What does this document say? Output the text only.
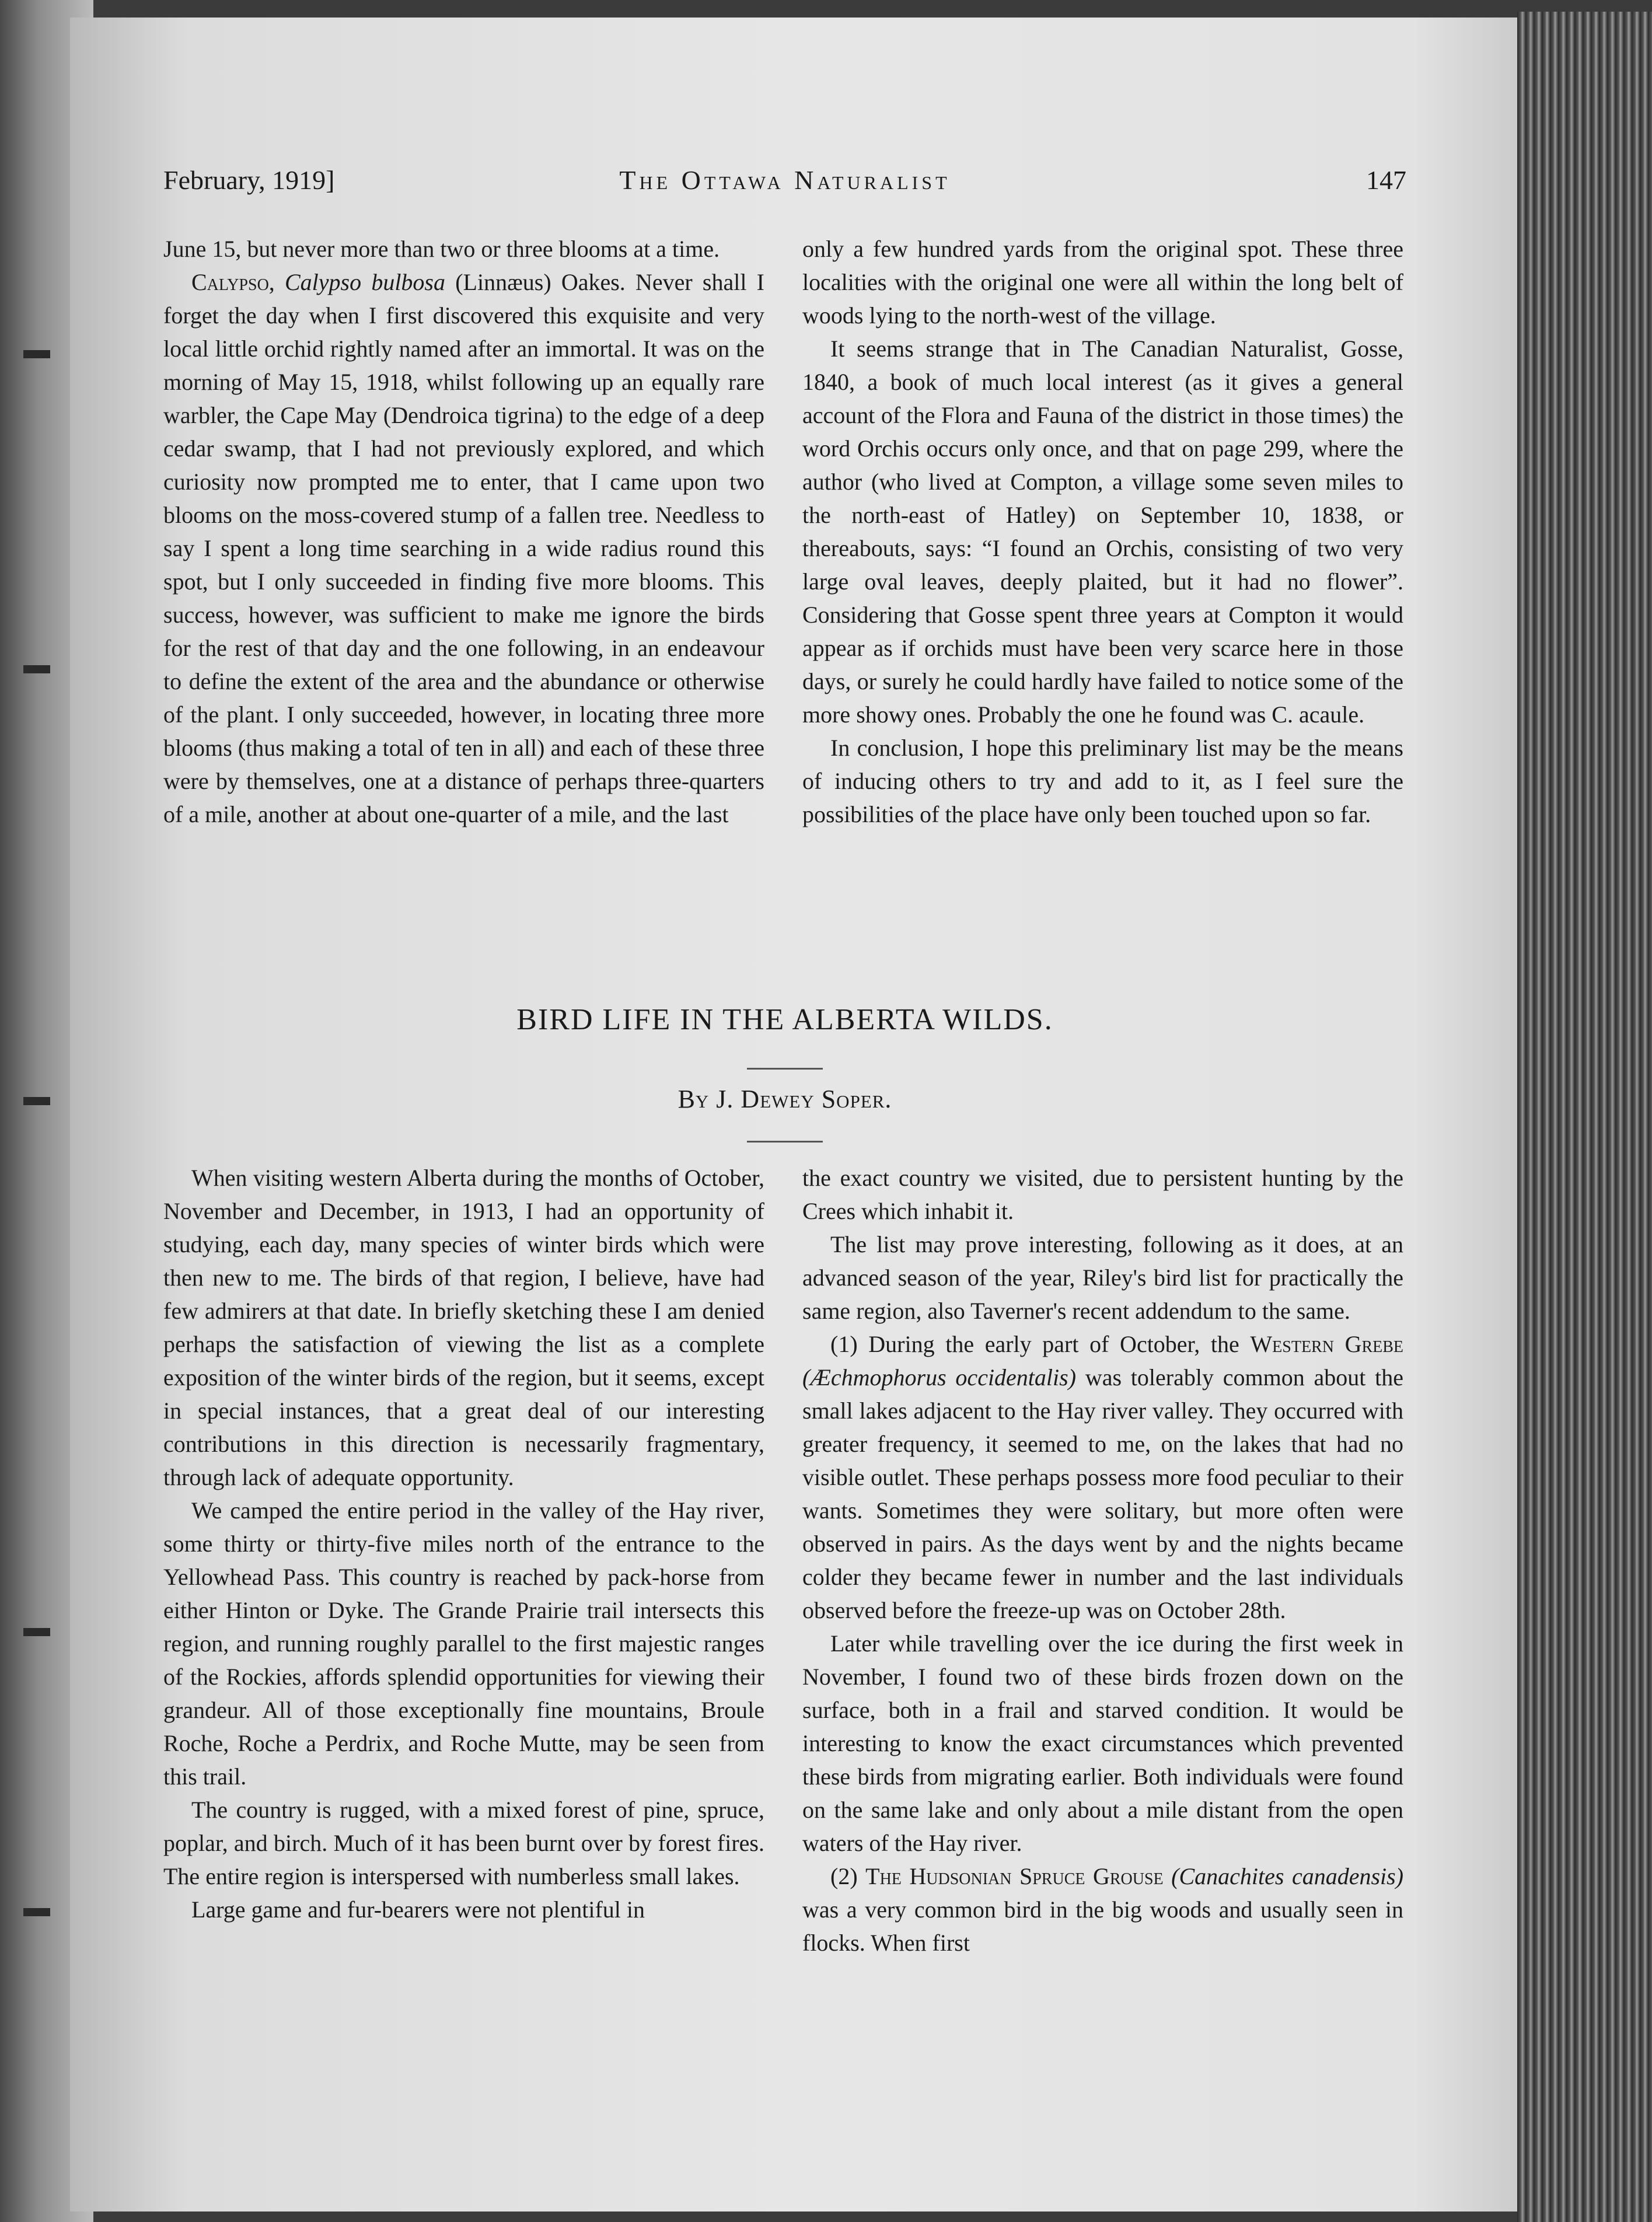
February, 1919]	The Ottawa Naturalist	147

June 15, but never more than two or three blooms at a time.

Calypso, Calypso bulbosa (Linnæus) Oakes. Never shall I forget the day when I first discovered this exquisite and very local little orchid rightly named after an immortal. It was on the morning of May 15, 1918, whilst following up an equally rare warbler, the Cape May (Dendroica tigrina) to the edge of a deep cedar swamp, that I had not previously explored, and which curiosity now prompted me to enter, that I came upon two blooms on the moss-covered stump of a fallen tree. Needless to say I spent a long time searching in a wide radius round this spot, but I only succeeded in finding five more blooms. This success, however, was sufficient to make me ignore the birds for the rest of that day and the one following, in an endeavour to define the extent of the area and the abundance or otherwise of the plant. I only succeeded, however, in locating three more blooms (thus making a total of ten in all) and each of these three were by themselves, one at a distance of perhaps three-quarters of a mile, another at about one-quarter of a mile, and the last

only a few hundred yards from the original spot. These three localities with the original one were all within the long belt of woods lying to the north-west of the village.

It seems strange that in The Canadian Naturalist, Gosse, 1840, a book of much local interest (as it gives a general account of the Flora and Fauna of the district in those times) the word Orchis occurs only once, and that on page 299, where the author (who lived at Compton, a village some seven miles to the north-east of Hatley) on September 10, 1838, or thereabouts, says: “I found an Orchis, consisting of two very large oval leaves, deeply plaited, but it had no flower”. Considering that Gosse spent three years at Compton it would appear as if orchids must have been very scarce here in those days, or surely he could hardly have failed to notice some of the more showy ones. Probably the one he found was C. acaule.

In conclusion, I hope this preliminary list may be the means of inducing others to try and add to it, as I feel sure the possibilities of the place have only been touched upon so far.

BIRD LIFE IN THE ALBERTA WILDS.
By J. Dewey Soper.

When visiting western Alberta during the months of October, November and December, in 1913, I had an opportunity of studying, each day, many species of winter birds which were then new to me. The birds of that region, I believe, have had few admirers at that date. In briefly sketching these I am denied perhaps the satisfaction of viewing the list as a complete exposition of the winter birds of the region, but it seems, except in special instances, that a great deal of our interesting contributions in this direction is necessarily fragmentary, through lack of adequate opportunity.

We camped the entire period in the valley of the Hay river, some thirty or thirty-five miles north of the entrance to the Yellowhead Pass. This country is reached by pack-horse from either Hinton or Dyke. The Grande Prairie trail intersects this region, and running roughly parallel to the first majestic ranges of the Rockies, affords splendid opportunities for viewing their grandeur. All of those exceptionally fine mountains, Broule Roche, Roche a Perdrix, and Roche Mutte, may be seen from this trail.

The country is rugged, with a mixed forest of pine, spruce, poplar, and birch. Much of it has been burnt over by forest fires. The entire region is interspersed with numberless small lakes.

Large game and fur-bearers were not plentiful in

the exact country we visited, due to persistent hunting by the Crees which inhabit it.

The list may prove interesting, following as it does, at an advanced season of the year, Riley's bird list for practically the same region, also Taverner's recent addendum to the same.

(1) During the early part of October, the Western Grebe (Æchmophorus occidentalis) was tolerably common about the small lakes adjacent to the Hay river valley. They occurred with greater frequency, it seemed to me, on the lakes that had no visible outlet. These perhaps possess more food peculiar to their wants. Sometimes they were solitary, but more often were observed in pairs. As the days went by and the nights became colder they became fewer in number and the last individuals observed before the freeze-up was on October 28th.

Later while travelling over the ice during the first week in November, I found two of these birds frozen down on the surface, both in a frail and starved condition. It would be interesting to know the exact circumstances which prevented these birds from migrating earlier. Both individuals were found on the same lake and only about a mile distant from the open waters of the Hay river.

(2) The Hudsonian Spruce Grouse (Canachites canadensis) was a very common bird in the big woods and usually seen in flocks. When first
